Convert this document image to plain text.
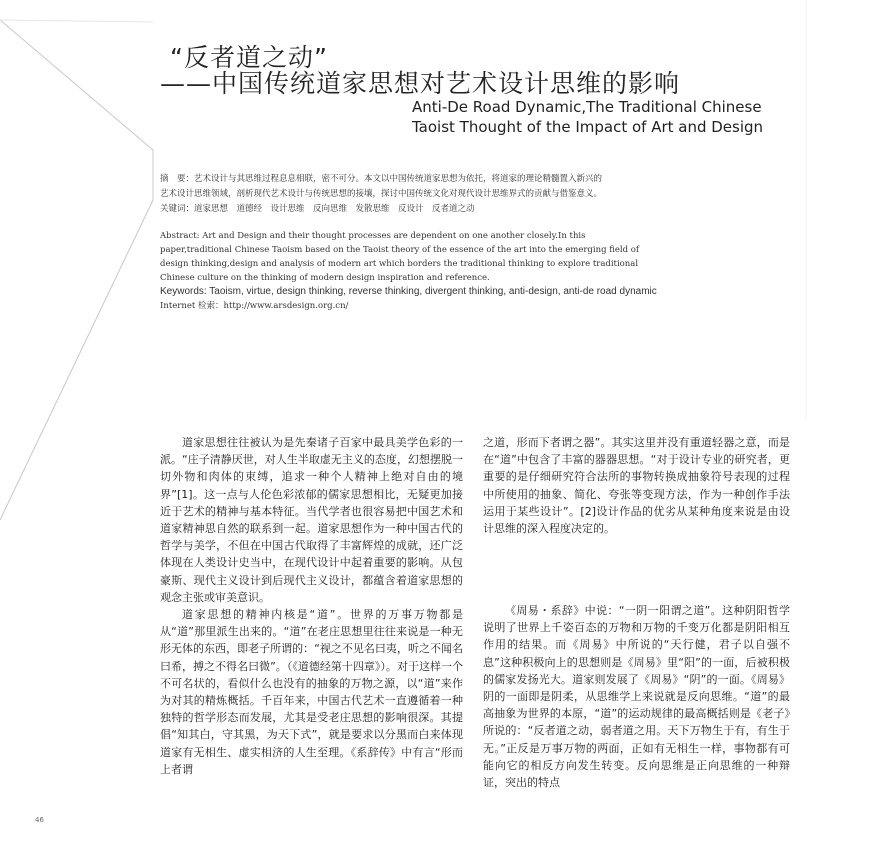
“反者道之动”
——中国传统道家思想对艺术设计思维的影响
Anti-De Road Dynamic,The Traditional Chinese
Taoist Thought of the Impact of Art and Design
摘　要：艺术设计与其思维过程息息相联，密不可分。本文以中国传统道家思想为依托，将道家的理论精髓置入新兴的
艺术设计思维领域，剖析现代艺术设计与传统思想的接壤，探讨中国传统文化对现代设计思维界式的贡献与借鉴意义。
关键词：道家思想　道德经　设计思维　反向思维　发散思维　反设计　反者道之动
Abstract: Art and Design and their thought processes are dependent on one another closely.In this
paper,traditional Chinese Taoism based on the Taoist theory of the essence of the art into the emerging field of
design thinking,design and analysis of modern art which borders the traditional thinking to explore traditional
Chinese culture on the thinking of modern design inspiration and reference.
Keywords: Taoism, virtue, design thinking, reverse thinking, divergent thinking, anti-design, anti-de road dynamic
Internet 检索：http://www.arsdesign.org.cn/
道家思想往往被认为是先秦诸子百家中最具美学色彩的一派。“庄子清静厌世，对人生半取虚无主义的态度，幻想摆脱一切外物和肉体的束缚，追求一种个人精神上绝对自由的境界”[1]。这一点与人伦色彩浓郁的儒家思想相比，无疑更加接近于艺术的精神与基本特征。当代学者也很容易把中国艺术和道家精神思自然的联系到一起。道家思想作为一种中国古代的哲学与美学，不但在中国古代取得了丰富辉煌的成就，还广泛体现在人类设计史当中，在现代设计中起着重要的影响。从包豪斯、现代主义设计到后现代主义设计，都蕴含着道家思想的观念主张或审美意识。
道家思想的精神内核是“道”。世界的万事万物都是从“道”那里派生出来的。“道”在老庄思想里往往来说是一种无形无体的东西，即老子所谓的：“视之不见名曰夷，听之不闻名曰希，搏之不得名曰微”。（《道德经第十四章》）。对于这样一个不可名状的，看似什么也没有的抽象的万物之源，以“道”来作为对其的精炼概括。千百年来，中国古代艺术一直遵循着一种独特的哲学形态而发展，尤其是受老庄思想的影响很深。其提倡“知其白，守其黑，为天下式”，就是要求以分黑而白来体现道家有无相生、虚实相济的人生至理。《系辞传》中有言“形而上者谓
之道，形而下者谓之器”。其实这里并没有重道轻器之意，而是在“道”中包含了丰富的器器思想。“对于设计专业的研究者，更重要的是仔细研究符合法所的事物转换成抽象符号表现的过程中所使用的抽象、简化、夸张等变现方法，作为一种创作手法运用于某些设计”。[2]设计作品的优劣从某种角度来说是由设计思维的深入程度决定的。
《周易・系辞》中说：“一阴一阳谓之道”。这种阴阳哲学说明了世界上千姿百态的万物和万物的千变万化都是阴阳相互作用的结果。而《周易》中所说的“天行健，君子以自强不息”这种积极向上的思想则是《周易》里“阳”的一面，后被积极的儒家发扬光大。道家则发展了《周易》“阴”的一面。《周易》阴的一面即是阴柔，从思维学上来说就是反向思维。“道”的最高抽象为世界的本原，“道”的运动规律的最高概括则是《老子》所说的：“反者道之动，弱者道之用。天下万物生于有，有生于无。”正反是万事万物的两面，正如有无相生一样，事物都有可能向它的相反方向发生转变。反向思维是正向思维的一种辩证，突出的特点
46
